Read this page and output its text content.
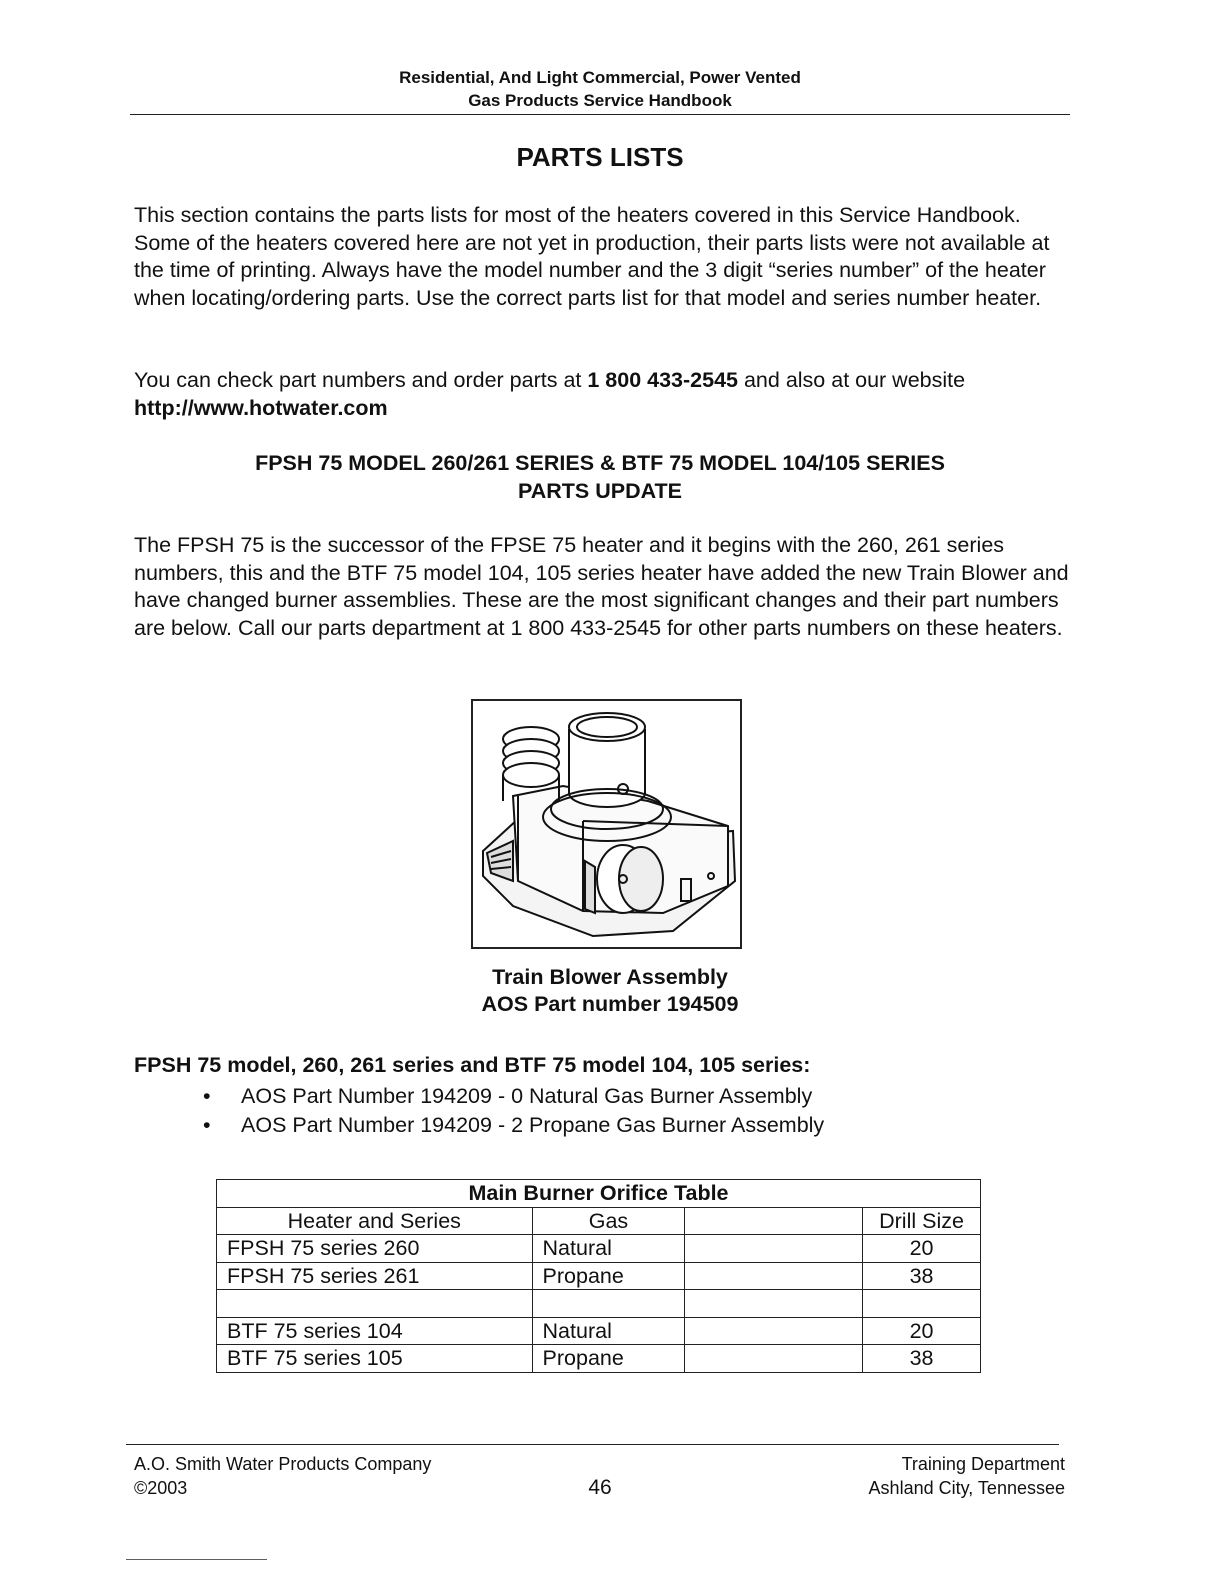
Residential, And Light Commercial, Power Vented
Gas Products Service Handbook
PARTS LISTS
This section contains the parts lists for most of the heaters covered in this Service Handbook. Some of the heaters covered here are not yet in production, their parts lists were not available at the time of printing. Always have the model number and the 3 digit “series number” of the heater when locating/ordering parts. Use the correct parts list for that model and series number heater.
You can check part numbers and order parts at 1 800 433-2545 and also at our website
http://www.hotwater.com
FPSH 75 MODEL 260/261 SERIES & BTF 75 MODEL 104/105 SERIES
PARTS UPDATE
The FPSH 75 is the successor of the FPSE 75 heater and it begins with the 260, 261 series numbers, this and the BTF 75 model 104, 105 series heater have added the new Train Blower and have changed burner assemblies. These are the most significant changes and their part numbers are below. Call our parts department at 1 800 433-2545 for other parts numbers on these heaters.
Train Blower Assembly
AOS Part number 194509
FPSH 75 model, 260, 261 series and BTF 75 model 104, 105 series:
• AOS Part Number 194209 - 0 Natural Gas Burner Assembly
• AOS Part Number 194209 - 2 Propane Gas Burner Assembly
Main Burner Orifice Table			
Heater and Series	Gas		Drill Size
FPSH 75 series 260	Natural		20
FPSH 75 series 261	Propane		38

BTF 75 series 104	Natural		20
BTF 75 series 105	Propane		38
A.O. Smith Water Products Company
©2003	46
Training Department
Ashland City, Tennessee
